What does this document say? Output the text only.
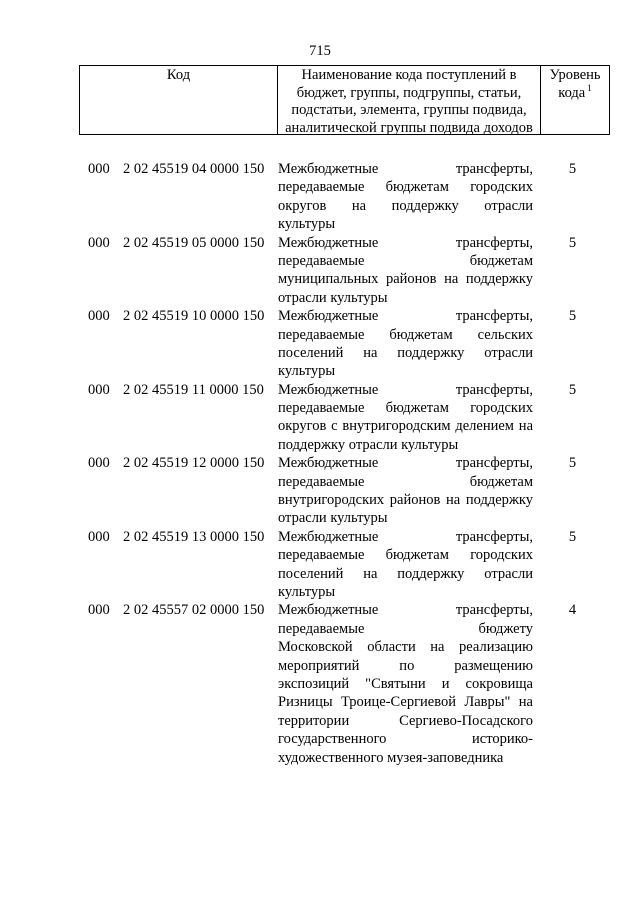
715
Код	Наименование кода поступлений в
бюджет, группы, подгруппы, статьи,
подстатьи, элемента, группы подвида,
аналитической группы подвида доходов
Уровень
кода $^1$
000 2 02 45519 04 0000 150 Межбюджетные трансферты,
передаваемые бюджетам городских
округов на поддержку отрасли
культуры
5
000 2 02 45519 05 0000 150 Межбюджетные трансферты,
передаваемые бюджетам
муниципальных районов на поддержку
отрасли культуры
5
000 2 02 45519 10 0000 150 Межбюджетные трансферты,
передаваемые бюджетам сельских
поселений на поддержку отрасли
культуры
5
000 2 02 45519 11 0000 150 Межбюджетные трансферты,
передаваемые бюджетам городских
округов с внутригородским делением на
поддержку отрасли культуры
5
000 2 02 45519 12 0000 150 Межбюджетные трансферты,
передаваемые бюджетам
внутригородских районов на поддержку
отрасли культуры
5
000 2 02 45519 13 0000 150 Межбюджетные трансферты,
передаваемые бюджетам городских
поселений на поддержку отрасли
культуры
5
000 2 02 45557 02 0000 150 Межбюджетные трансферты,
передаваемые бюджету
Московской области на реализацию
мероприятий по размещению
экспозиций "Святыни и сокровища
Ризницы Троице-Сергиевой Лавры" на
территории Сергиево-Посадского
государственного историко-
художественного музея-заповедника
4
